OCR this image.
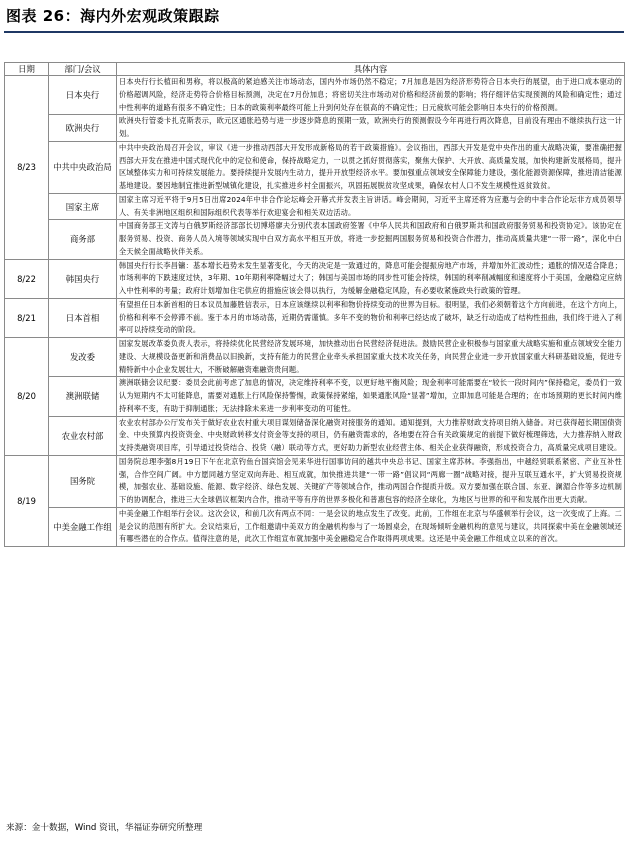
图表 26：海内外宏观政策跟踪
日期	部门/会议	具体内容
8/23	日本央行	日本央行行长植田和男称，将以极高的紧迫感关注市场动态，国内外市场仍然不稳定；7月加息是因为经济形势符合日本央行的展望，由于进口成本驱动的价格超调风险，经济走势符合价格目标预测，决定在7月份加息；将密切关注市场动对价格和经济前景的影响；将仔细评估实现预测的风险和确定性；通过中性利率的道路有很多不确定性；日本的政策利率最终可能上升到何处存在很高的不确定性；日元疲软可能会影响日本央行的价格预测。
	欧洲央行	欧洲央行管委卡扎克斯表示，欧元区通胀趋势与进一步逐步降息的预期一致，欧洲央行的预测假设今年再进行两次降息，目前没有理由不继续执行这一计划。
	中共中央政治局	中共中央政治局召开会议，审议《进一步推动西部大开发形成新格局的若干政策措施》。会议指出，西部大开发是党中央作出的重大战略决策，要准确把握西部大开发在推进中国式现代化中的定位和使命，保持战略定力，一以贯之抓好贯彻落实，聚焦大保护、大开放、高质量发展，加快构建新发展格局，提升区域整体实力和可持续发展能力。要持续提升发展内生动力，提升开放型经济水平。要加强重点领域安全保障能力建设，强化能源资源保障，推进清洁能源基地建设。要因地制宜推进新型城镇化建设，扎实推进乡村全面振兴，巩固拓展脱贫攻坚成果，确保农村人口不发生规模性返贫致贫。
	国家主席	国家主席习近平将于9月5日出席2024年中非合作论坛峰会开幕式并发表主旨讲话。峰会期间，习近平主席还将为应邀与会的中非合作论坛非方成员领导人、有关非洲地区组织和国际组织代表等举行欢迎宴会和相关双边活动。
	商务部	中国商务部王文涛与白俄罗斯经济部部长切博塔廖夫分别代表本国政府签署《中华人民共和国政府和白俄罗斯共和国政府服务贸易和投资协定》。该协定在服务贸易、投资、商务人员入境等领域实现中白双方高水平相互开放，将进一步挖掘两国服务贸易和投资合作潜力，推动高质量共建“一带一路”，深化中白全天候全面战略伙伴关系。
8/22	韩国央行	韩国央行行长李昌镛：基本增长趋势未发生显著变化，今天的决定是一致通过的，降息可能会提振房地产市场，并增加外汇波动性；通胀的情况适合降息；市场利率的下跌速度过快，3年期、10年期利率降幅过大了；韩国与美国市场的同步性可能会持续，韩国的利率削减幅度和速度将小于美国，金融稳定应纳入中性利率的考量；政府计划增加住宅供应的措施应该会得以执行，为缓解金融稳定风险，有必要收紧施政央行政策的管理。
8/21	日本首相	有望担任日本新首相的日本议员加藤胜信表示，日本应该继续以利率和物价持续变动的世界为目标。很明显，我们必须朝着这个方向前进，在这个方向上，价格和利率不会停滞不前。鉴于本月的市场动荡，近期仍需谨慎。多年不变的物价和利率已经达成了破坏，缺乏行动造成了结构性扭曲，我们终于进入了利率可以持续变动的阶段。
8/20	发改委	国家发展改革委负责人表示，将持续优化民营经济发展环境，加快推动出台民营经济促进法。鼓励民营企业积极参与国家重大战略实施和重点领域安全能力建设、大规模设备更新和消费品以旧换新，支持有能力的民营企业牵头承担国家重大技术攻关任务，向民营企业进一步开放国家重大科研基础设施，促进专精特新中小企业发展壮大，不断破解融资难融资贵问题。
	澳洲联储	澳洲联储会议纪要：委员会此前考虑了加息的情况，决定维持利率不变，以更好地平衡风险；现金利率可能需要在“较长一段时间内”保持稳定，委员们一致认为短期内不太可能降息，需要对通胀上行风险保持警惕，政策保持紧缩，如果通胀风险“显著”增加，立即加息可能是合理的；在市场预期的更长时间内维持利率不变，有助于抑制通胀；无法排除未来进一步利率变动的可能性。
	农业农村部	农业农村部办公厅发布关于做好农业农村重大项目谋划储备深化融资对接服务的通知。通知提到，大力推荐财政支持项目纳入储备。对已获得超长期国债资金、中央预算内投资资金、中央财政转移支付资金等支持的项目，仍有融资需求的，各地要在符合有关政策规定的前提下做好梳理筛选，大力推荐纳入财政支持类融资项目库，引导通过投贷结合、投贷（融）联动等方式，更好助力新型农业经营主体、相关企业获得融资，形成投资合力，高质量完成项目建设。
8/19	国务院	国务院总理李强8月19日下午在北京钓鱼台国宾馆会见来华进行国事访问的越共中央总书记、国家主席苏林。李强指出，中越经贸联系紧密、产业互补性强，合作空间广阔。中方愿同越方坚定双向奔赴、相互成就，加快推进共建“一带一路”倡议同“两廊一圈”战略对接，提升互联互通水平，扩大贸易投资规模，加强农业、基础设施、能源、数字经济、绿色发展、关键矿产等领域合作，推动两国合作提质升级。双方要加强在联合国、东亚、澜湄合作等多边机制下的协调配合，推进三大全球倡议框架内合作，推动平等有序的世界多极化和普惠包容的经济全球化，为地区与世界的和平和发展作出更大贡献。
	中美金融工作组	中美金融工作组举行会议。这次会议，和前几次有两点不同：一是会议的地点发生了改变。此前，工作组在北京与华盛顿举行会议，这一次变成了上海。二是会议的范围有所扩大。会议结束后，工作组邀请中美双方的金融机构参与了一场圆桌会，在现场倾听金融机构的意见与建议，共同探索中美在金融领域还有哪些潜在的合作点。值得注意的是，此次工作组宣布就加强中美金融稳定合作取得两项成果。这还是中美金融工作组成立以来的首次。
来源：金十数据，Wind 资讯，华福证券研究所整理
